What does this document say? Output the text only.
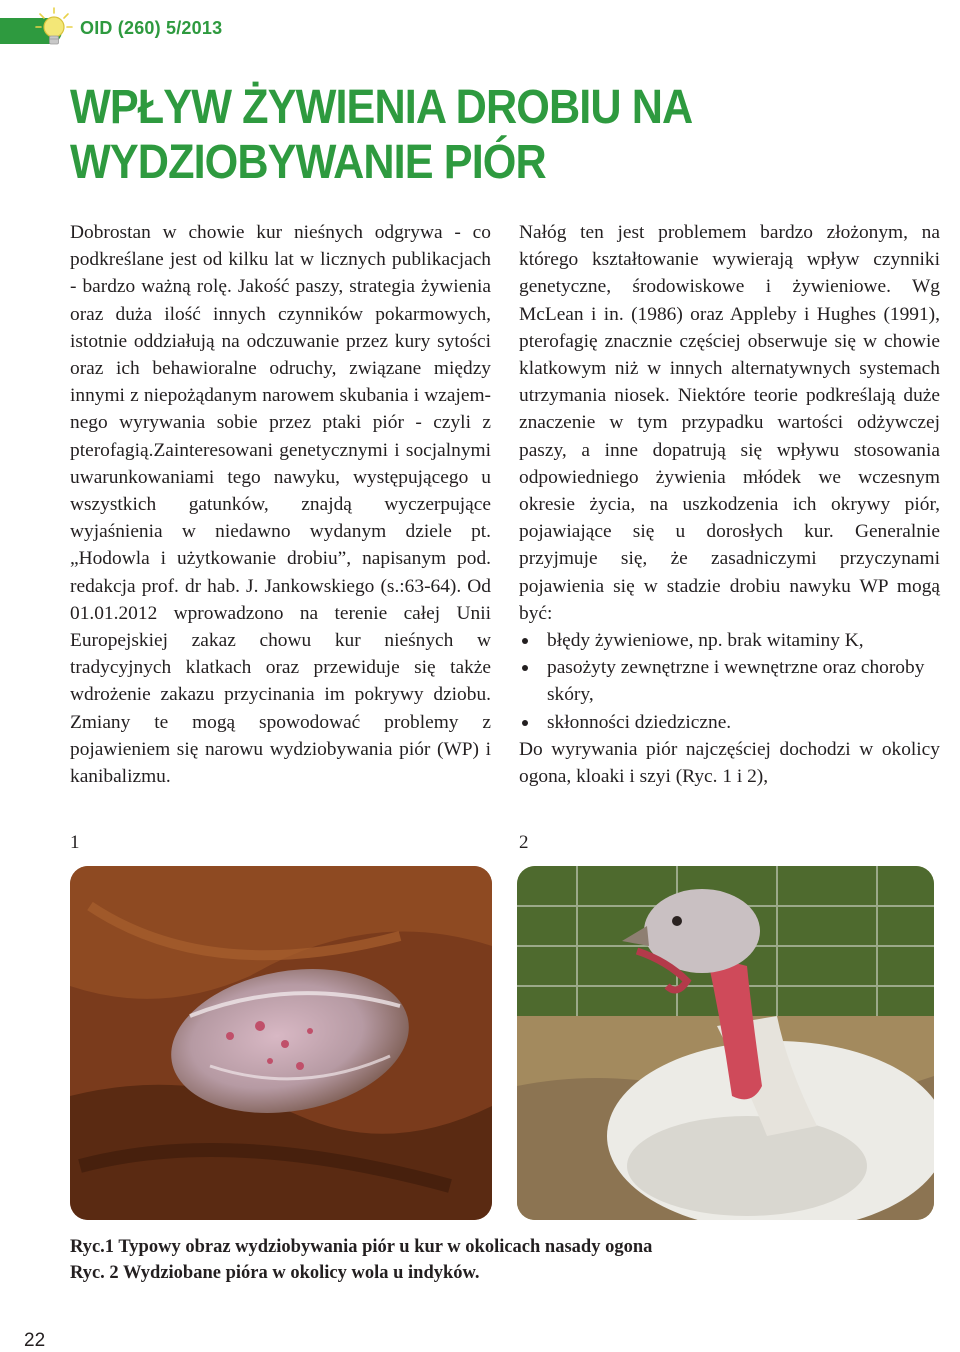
OID (260) 5/2013
WPŁYW ŻYWIENIA DROBIU NA
WYDZIOBYWANIE PIÓR

Dobrostan w chowie kur nieśnych odgrywa - co podkreślane jest od kilku lat w licznych publikacjach - bardzo ważną rolę. Jakość paszy, strategia żywienia oraz duża ilość innych czynników pokarmowych, istotnie oddziałują na odczuwanie przez kury sytości oraz ich behawioralne odruchy, związane między innymi z niepożądanym narowem skubania i wzajemnego wyrywania sobie przez ptaki piór - czyli z pterofagią.Zainteresowani genetycznymi i socjalnymi uwarunkowaniami tego nawyku, występującego u wszystkich gatunków, znajdą wyczerpujące wyjaśnienia w niedawno wydanym dziele pt. „Hodowla i użytkowanie drobiu”, napisanym pod. redakcja prof. dr hab. J. Jankowskiego (s.:63-64). Od 01.01.2012 wprowadzono na terenie całej Unii Europejskiej zakaz chowu kur nieśnych w tradycyjnych klatkach oraz przewiduje się także wdrożenie zakazu przycinania im pokrywy dziobu. Zmiany te mogą spowodować problemy z pojawieniem się narowu wydziobywania piór (WP) i kanibalizmu.

Nałóg ten jest problemem bardzo złożonym, na którego kształtowanie wywierają wpływ czynniki genetyczne, środowiskowe i żywieniowe. Wg McLean i in. (1986) oraz Appleby i Hughes (1991), pterofagię znacznie częściej obserwuje się w chowie klatkowym niż w innych alternatywnych systemach utrzymania niosek. Niektóre teorie podkreślają duże znaczenie w tym przypadku wartości odżywczej paszy, a inne dopatrują się wpływu stosowania odpowiedniego żywienia młódek we wczesnym okresie życia, na uszkodzenia ich okrywy piór, pojawiające się u dorosłych kur. Generalnie przyjmuje się, że zasadniczymi przyczynami pojawienia się w stadzie drobiu nawyku WP mogą być:

błędy żywieniowe, np. brak witaminy K,
pasożyty zewnętrzne i wewnętrzne oraz choroby skóry,
skłonności dziedziczne.

Do wyrywania piór najczęściej dochodzi w okolicy ogona, kloaki i szyi (Ryc. 1 i 2),

1	2
Ryc.1 Typowy obraz wydziobywania piór u kur w okolicach nasady ogona
Ryc. 2 Wydziobane pióra w okolicy wola u indyków.
22
